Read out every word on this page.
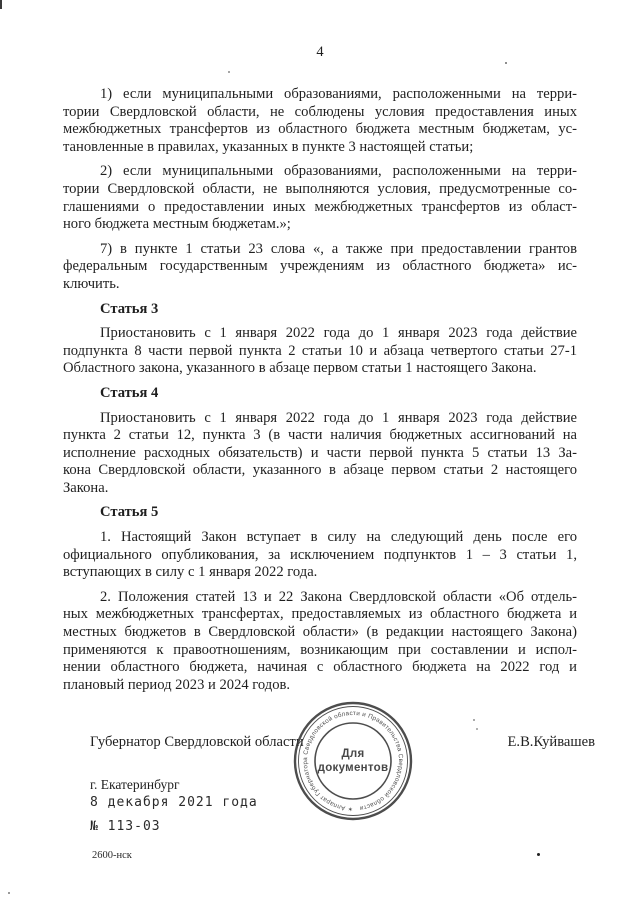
4
1) если муниципальными образованиями, расположенными на терри-
тории Свердловской области, не соблюдены условия предоставления иных
межбюджетных трансфертов из областного бюджета местным бюджетам, ус-
тановленные в правилах, указанных в пункте 3 настоящей статьи;
2) если муниципальными образованиями, расположенными на терри-
тории Свердловской области, не выполняются условия, предусмотренные со-
глашениями о предоставлении иных межбюджетных трансфертов из област-
ного бюджета местным бюджетам.»;
7) в пункте 1 статьи 23 слова «, а также при предоставлении грантов
федеральным государственным учреждениям из областного бюджета» ис-
ключить.
Статья 3
Приостановить с 1 января 2022 года до 1 января 2023 года действие
подпункта 8 части первой пункта 2 статьи 10 и абзаца четвертого статьи 27-1
Областного закона, указанного в абзаце первом статьи 1 настоящего Закона.
Статья 4
Приостановить с 1 января 2022 года до 1 января 2023 года действие
пункта 2 статьи 12, пункта 3 (в части наличия бюджетных ассигнований на
исполнение расходных обязательств) и части первой пункта 5 статьи 13 За-
кона Свердловской области, указанного в абзаце первом статьи 2 настоящего
Закона.
Статья 5
1. Настоящий Закон вступает в силу на следующий день после его
официального опубликования, за исключением подпунктов 1 – 3 статьи 1,
вступающих в силу с 1 января 2022 года.
2. Положения статей 13 и 22 Закона Свердловской области «Об отдель-
ных межбюджетных трансфертах, предоставляемых из областного бюджета и
местных бюджетов в Свердловской области» (в редакции настоящего Закона)
применяются к правоотношениям, возникающим при составлении и испол-
нении областного бюджета, начиная с областного бюджета на 2022 год и
плановый период 2023 и 2024 годов.
Губернатор Свердловской области	Е.В.Куйвашев
✶ Аппарат Губернатора Свердловской области и Правительства Свердловской области
Для
документов
г. Екатеринбург
8 декабря 2021 года
№ 113-03
2600-нск
